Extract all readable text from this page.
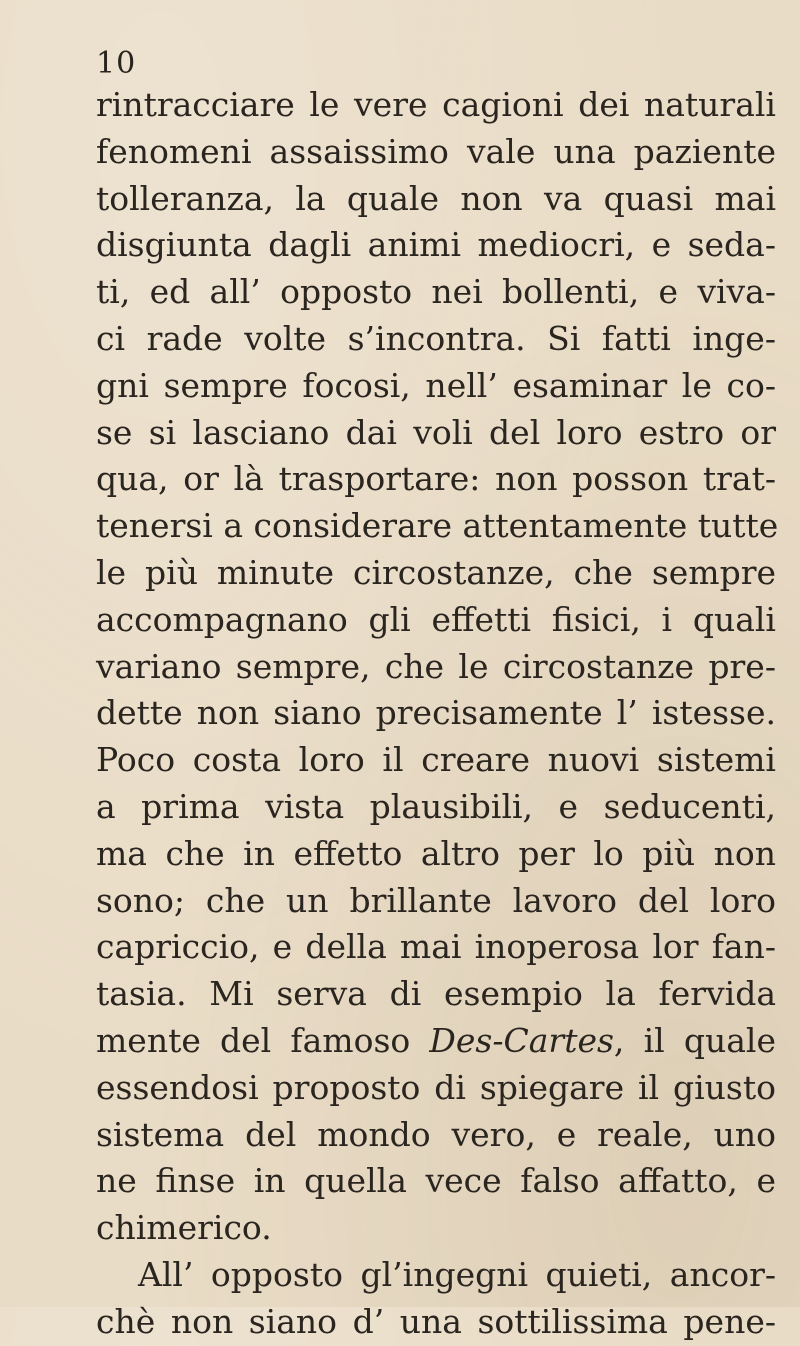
10
rintracciare le vere cagioni dei naturali
fenomeni assaissimo vale una paziente
tolleranza, la quale non va quasi mai
disgiunta dagli animi mediocri, e seda-
ti, ed all’ opposto nei bollenti, e viva-
ci rade volte s’incontra. Si fatti inge-
gni sempre focosi, nell’ esaminar le co-
se si lasciano dai voli del loro estro or
qua, or là trasportare: non posson trat-
tenersi a considerare attentamente tutte
le più minute circostanze, che sempre
accompagnano gli effetti fisici, i quali
variano sempre, che le circostanze pre-
dette non siano precisamente l’ istesse.
Poco costa loro il creare nuovi sistemi
a prima vista plausibili, e seducenti,
ma che in effetto altro per lo più non
sono; che un brillante lavoro del loro
capriccio, e della mai inoperosa lor fan-
tasia. Mi serva di esempio la fervida
mente del famoso Des-Cartes, il quale
essendosi proposto di spiegare il giusto
sistema del mondo vero, e reale, uno
ne finse in quella vece falso affatto, e
chimerico.
All’ opposto gl’ingegni quieti, ancor-
chè non siano d’ una sottilissima pene-
